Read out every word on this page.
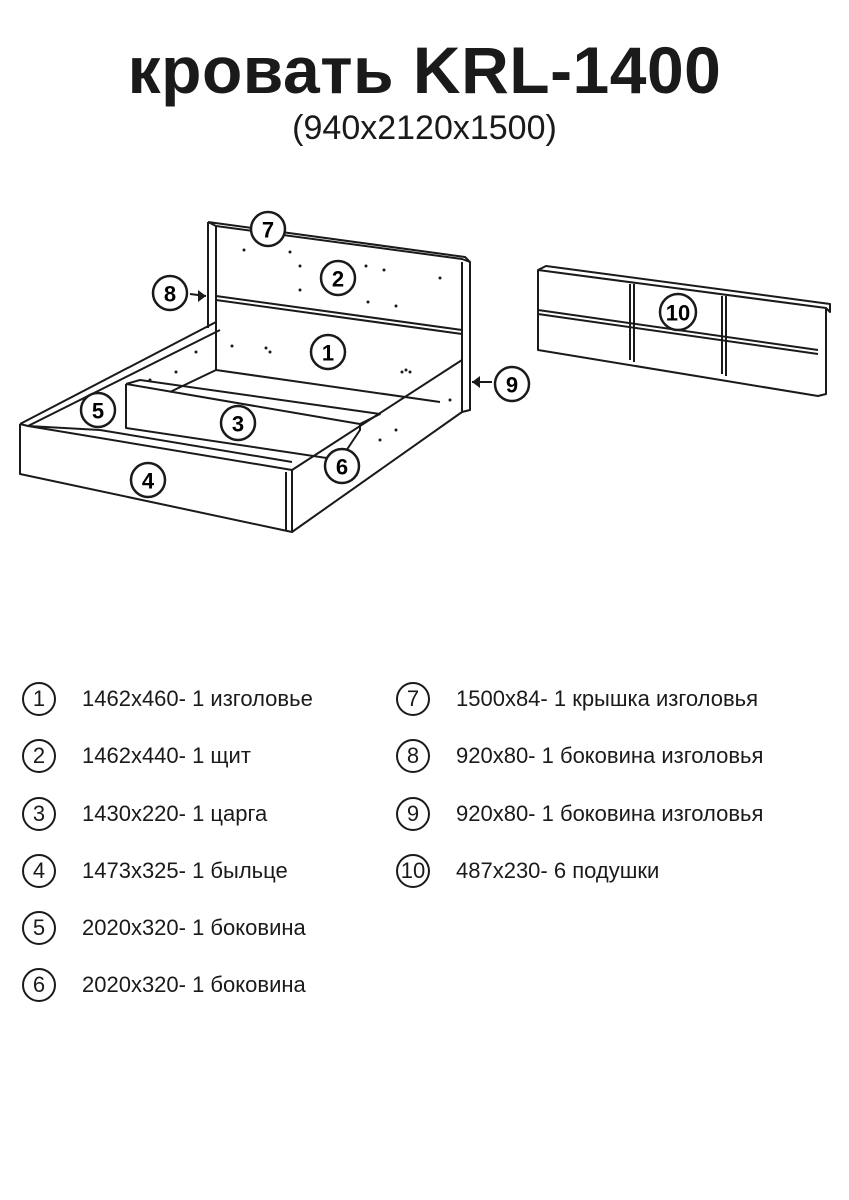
кровать KRL-1400
(940x2120x1500)
7
2
8
1
9
5
3
6
4
10
1	1462x460- 1 изголовье
2	1462x440- 1 щит
3	1430x220- 1 царга
4	1473x325- 1 быльце
5	2020x320- 1 боковина
6	2020x320- 1 боковина
7	1500x84- 1 крышка изголовья
8	920x80- 1 боковина изголовья
9	920x80- 1 боковина изголовья
10 487x230- 6 подушки
